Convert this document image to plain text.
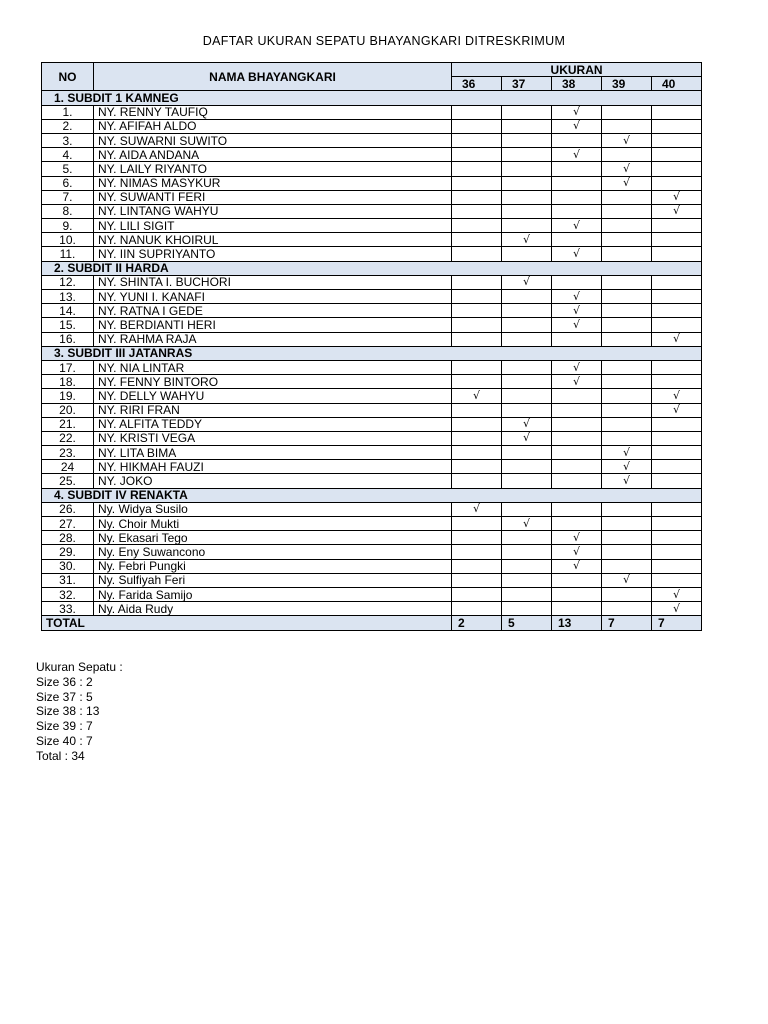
DAFTAR UKURAN SEPATU BHAYANGKARI DITRESKRIMUM
NO	NAMA BHAYANGKARI	UKURAN				
		36	37	38	39	40
1. SUBDIT 1 KAMNEG						
1.	NY. RENNY TAUFIQ			√		
2.	NY. AFIFAH ALDO			√		
3.	NY. SUWARNI SUWITO				√	
4.	NY. AIDA ANDANA			√		
5.	NY. LAILY RIYANTO				√	
6.	NY. NIMAS MASYKUR				√	
7.	NY. SUWANTI FERI					√
8.	NY. LINTANG WAHYU					√
9.	NY. LILI SIGIT			√		
10.	NY. NANUK KHOIRUL		√			
11.	NY. IIN SUPRIYANTO			√		
2. SUBDIT II HARDA						
12.	NY. SHINTA I. BUCHORI		√			
13.	NY. YUNI I. KANAFI			√		
14.	NY. RATNA I GEDE			√		
15.	NY. BERDIANTI HERI			√		
16.	NY. RAHMA RAJA					√
3. SUBDIT III JATANRAS						
17.	NY. NIA LINTAR			√		
18.	NY. FENNY BINTORO			√		
19.	NY. DELLY WAHYU	√				√
20.	NY. RIRI FRAN					√
21.	NY. ALFITA TEDDY		√			
22.	NY. KRISTI VEGA		√			
23.	NY. LITA BIMA				√	
24	NY. HIKMAH FAUZI				√	
25.	NY. JOKO				√	
4. SUBDIT IV RENAKTA						
26.	Ny. Widya Susilo	√				
27.	Ny. Choir Mukti		√			
28.	Ny. Ekasari Tego			√		
29.	Ny. Eny Suwancono			√		
30.	Ny. Febri Pungki			√		
31.	Ny. Sulfiyah Feri				√	
32.	Ny. Farida Samijo					√
33.	Ny. Aida Rudy					√
TOTAL		2	5	13	7	7
Ukuran Sepatu :
Size 36 : 2
Size 37 : 5
Size 38 : 13
Size 39 : 7
Size 40 : 7
Total : 34
